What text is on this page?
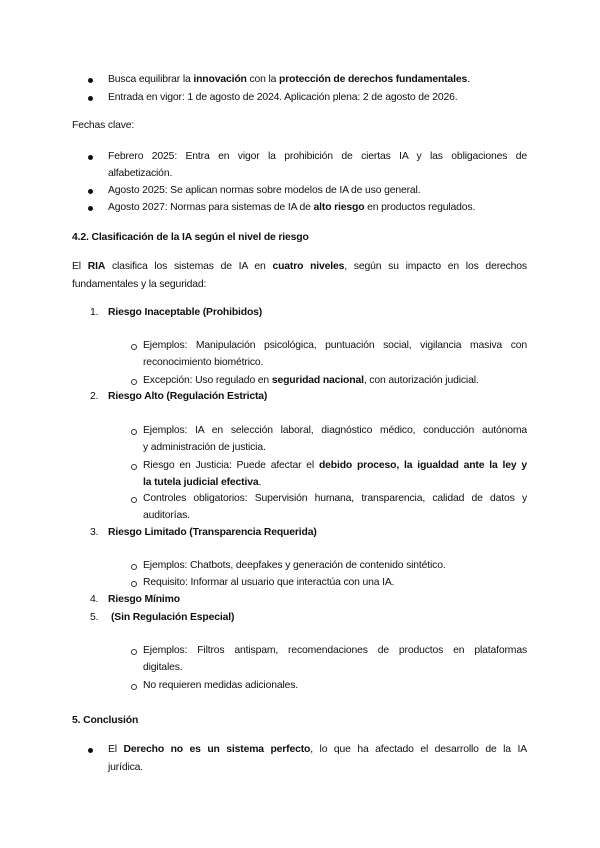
Busca equilibrar la innovación con la protección de derechos fundamentales.
Entrada en vigor: 1 de agosto de 2024. Aplicación plena: 2 de agosto de 2026.
Fechas clave:
Febrero 2025: Entra en vigor la prohibición de ciertas IA y las obligaciones de
alfabetización.
Agosto 2025: Se aplican normas sobre modelos de IA de uso general.
Agosto 2027: Normas para sistemas de IA de alto riesgo en productos regulados.
4.2. Clasificación de la IA según el nivel de riesgo
El RIA clasifica los sistemas de IA en cuatro niveles, según su impacto en los derechos
fundamentales y la seguridad:
1. Riesgo Inaceptable (Prohibidos)
Ejemplos: Manipulación psicológica, puntuación social, vigilancia masiva con
reconocimiento biométrico.
Excepción: Uso regulado en seguridad nacional, con autorización judicial.
2. Riesgo Alto (Regulación Estricta)
Ejemplos: IA en selección laboral, diagnóstico médico, conducción autónoma
y administración de justicia.
Riesgo en Justicia: Puede afectar el debido proceso, la igualdad ante la ley y
la tutela judicial efectiva.
Controles obligatorios: Supervisión humana, transparencia, calidad de datos y
auditorías.
3. Riesgo Limitado (Transparencia Requerida)
Ejemplos: Chatbots, deepfakes y generación de contenido sintético.
Requisito: Informar al usuario que interactúa con una IA.
4. Riesgo Mínimo
5. (Sin Regulación Especial)
Ejemplos: Filtros antispam, recomendaciones de productos en plataformas
digitales.
No requieren medidas adicionales.
5. Conclusión
El Derecho no es un sistema perfecto, lo que ha afectado el desarrollo de la IA
jurídica.
